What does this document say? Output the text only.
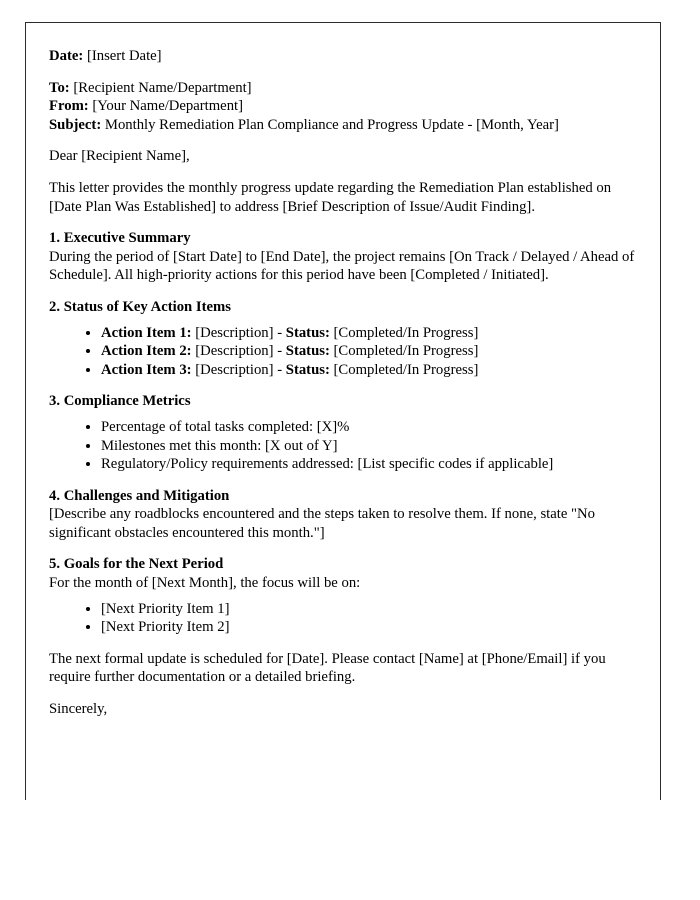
Date: [Insert Date]

To: [Recipient Name/Department]

From: [Your Name/Department]

Subject: Monthly Remediation Plan Compliance and Progress Update - [Month, Year]

Dear [Recipient Name],

This letter provides the monthly progress update regarding the Remediation Plan established on [Date Plan Was Established] to address [Brief Description of Issue/Audit Finding].

1. Executive Summary

During the period of [Start Date] to [End Date], the project remains [On Track / Delayed / Ahead of Schedule]. All high-priority actions for this period have been [Completed / Initiated].

2. Status of Key Action Items
• Action Item 1: [Description] - Status: [Completed/In Progress]
• Action Item 2: [Description] - Status: [Completed/In Progress]
• Action Item 3: [Description] - Status: [Completed/In Progress]
3. Compliance Metrics
• Percentage of total tasks completed: [X]%
• Milestones met this month: [X out of Y]
• Regulatory/Policy requirements addressed: [List specific codes if applicable]
4. Challenges and Mitigation

[Describe any roadblocks encountered and the steps taken to resolve them. If none, state "No significant obstacles encountered this month."]

5. Goals for the Next Period

For the month of [Next Month], the focus will be on:

• [Next Priority Item 1]
• [Next Priority Item 2]

The next formal update is scheduled for [Date]. Please contact [Name] at [Phone/Email] if you require further documentation or a detailed briefing.

Sincerely,
